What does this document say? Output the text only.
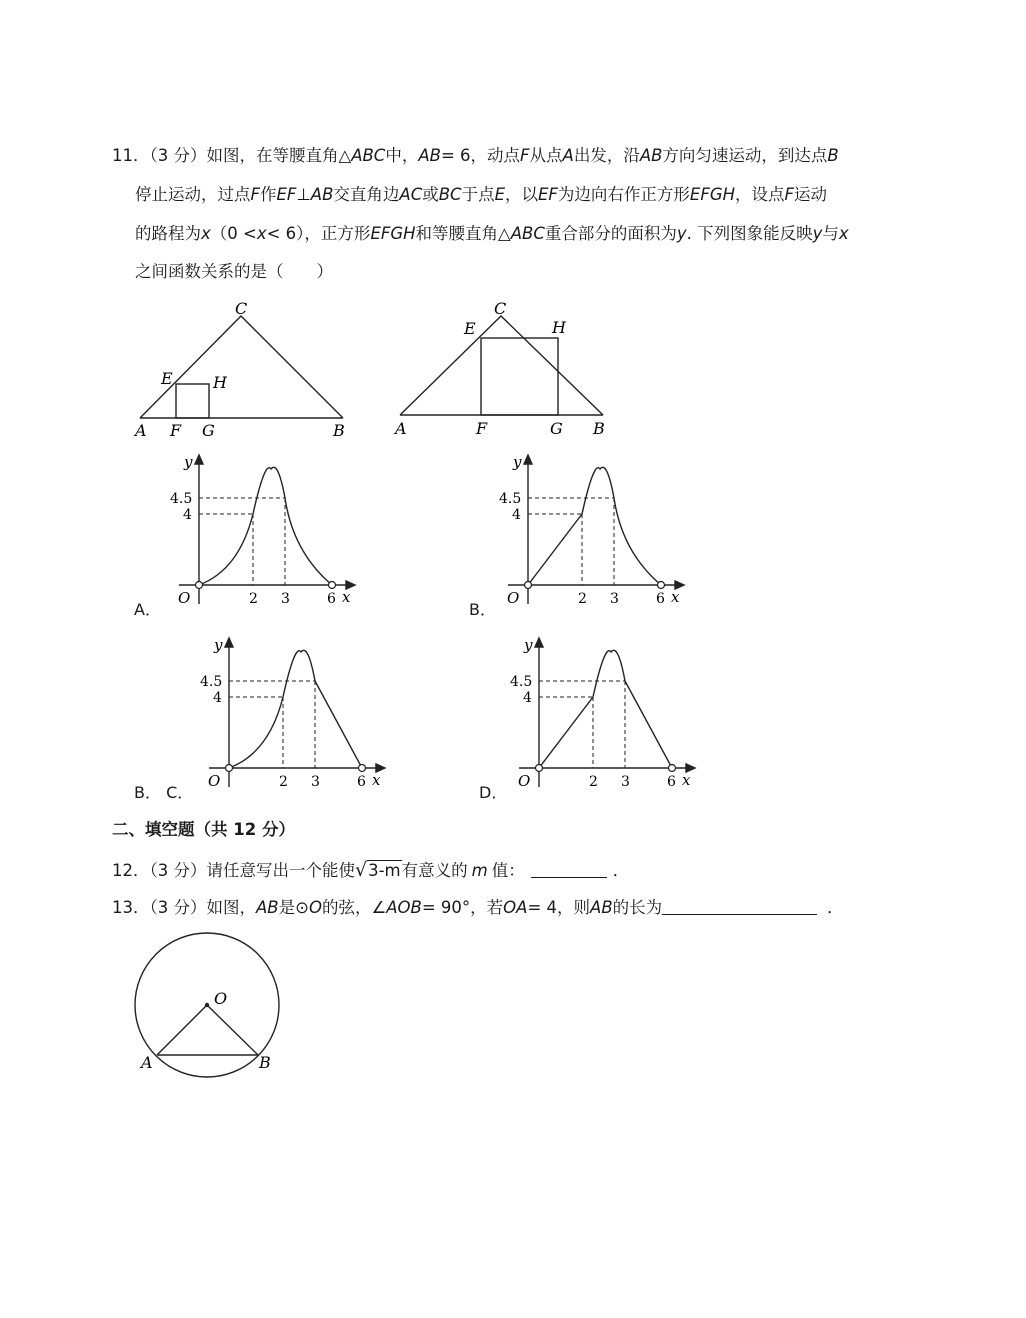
11．（3 分）如图，在等腰直角△ABC中，AB= 6，动点F从点A出发，沿AB方向匀速运动，到达点B
停止运动，过点F作EF⊥AB交直角边AC或BC于点E，以EF为边向右作正方形EFGH，设点F运动
的路程为x（0 <x< 6），正方形EFGH和等腰直角△ABC重合部分的面积为y. 下列图象能反映y与x
之间函数关系的是（　　）
C
E	H
A F G	B
C
E	H
A	F	G B
y
x
O
4.5
4
2 3	6
A．
y
x
O
4.5
4
2 3	6
B．
y
x
O
4.5
4
2 3	6
B． C．
y
x
O
4.5
4
2 3	6
D．
二、填空题（共 12 分）
12．（3 分）请任意写出一个能使√3-m有意义的 m 值：	．
13．（3 分）如图，AB是⊙O的弦，∠AOB= 90°，若OA= 4，则AB的长为	．
O
A	B
